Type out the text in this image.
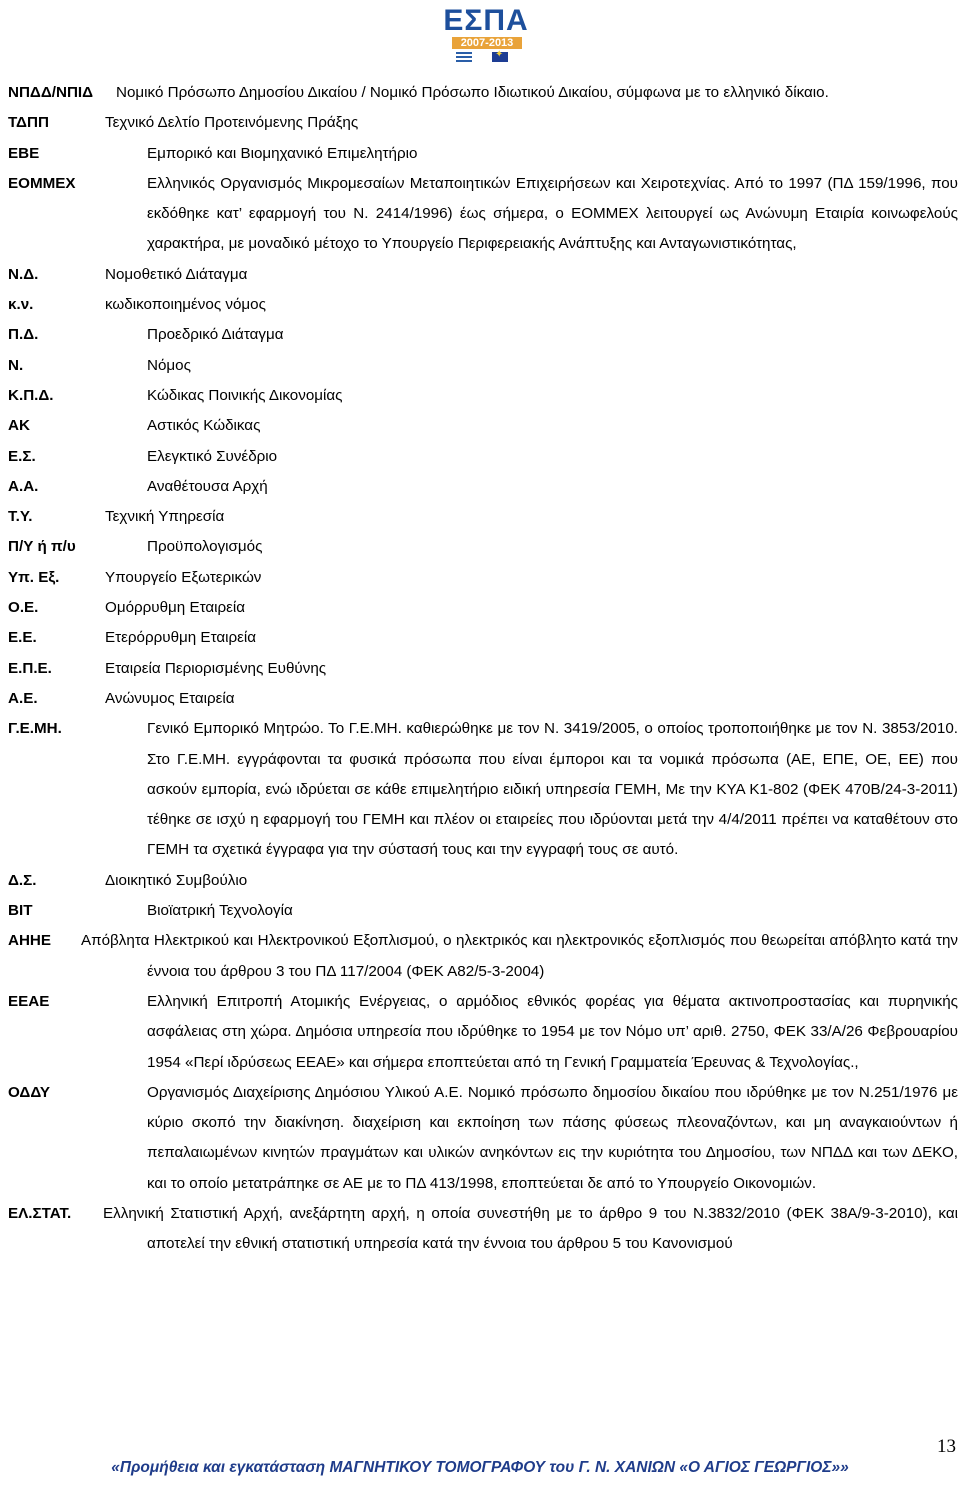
ΕΣΠΑ
2007-2013
✦
ΝΠΔΔ/ΝΠΙΔ	Νομικό Πρόσωπο Δημοσίου Δικαίου / Νομικό Πρόσωπο Ιδιωτικού Δικαίου, σύμφωνα με το ελληνικό δίκαιο.
ΤΔΠΠ	Τεχνικό Δελτίο Προτεινόμενης Πράξης
ΕΒΕ	Εμπορικό και Βιομηχανικό Επιμελητήριο
ΕΟΜΜΕΧ	Ελληνικός Οργανισμός Μικρομεσαίων Μεταποιητικών Επιχειρήσεων και Χειροτεχνίας. Από το 1997 (ΠΔ 159/1996, που εκδόθηκε κατ’ εφαρμογή του Ν. 2414/1996) έως σήμερα, ο ΕΟΜΜΕΧ λειτουργεί ως Ανώνυμη Εταιρία κοινωφελούς χαρακτήρα, με μοναδικό μέτοχο το Υπουργείο Περιφερειακής Ανάπτυξης και Ανταγωνιστικότητας,
Ν.Δ.	Νομοθετικό Διάταγμα
κ.ν.	κωδικοποιημένος νόμος
Π.Δ.	Προεδρικό Διάταγμα
Ν.	Νόμος
Κ.Π.Δ.	Κώδικας Ποινικής Δικονομίας
ΑΚ	Αστικός Κώδικας
Ε.Σ.	Ελεγκτικό Συνέδριο
Α.Α.	Αναθέτουσα Αρχή
Τ.Υ.	Τεχνική Υπηρεσία
Π/Υ ή π/υ	Προϋπολογισμός
Υπ. Εξ.	Υπουργείο Εξωτερικών
Ο.Ε.	Ομόρρυθμη Εταιρεία
Ε.Ε.	Ετερόρρυθμη Εταιρεία
Ε.Π.Ε.	Εταιρεία Περιορισμένης Ευθύνης
Α.Ε.	Ανώνυμος Εταιρεία
Γ.Ε.ΜΗ.	Γενικό Εμπορικό Μητρώο. Το Γ.Ε.ΜΗ. καθιερώθηκε με τον Ν. 3419/2005, ο οποίος τροποποιήθηκε με τον Ν. 3853/2010. Στο Γ.Ε.ΜΗ. εγγράφονται τα φυσικά πρόσωπα που είναι έμποροι και τα νομικά πρόσωπα (ΑΕ, ΕΠΕ, ΟΕ, ΕΕ) που ασκούν εμπορία, ενώ ιδρύεται σε κάθε επιμελητήριο ειδική υπηρεσία ΓΕΜΗ, Με την ΚΥΑ Κ1-802 (ΦΕΚ 470Β/24-3-2011) τέθηκε σε ισχύ η εφαρμογή του ΓΕΜΗ και πλέον οι εταιρείες που ιδρύονται μετά την 4/4/2011 πρέπει να καταθέτουν στο ΓΕΜΗ τα σχετικά έγγραφα για την σύστασή τους και την εγγραφή τους σε αυτό.
Δ.Σ.	Διοικητικό Συμβούλιο
ΒΙΤ	Βιοϊατρική Τεχνολογία
ΑΗΗΕ Απόβλητα Ηλεκτρικού και Ηλεκτρονικού Εξοπλισμού, ο ηλεκτρικός και ηλεκτρονικός εξοπλισμός που θεωρείται απόβλητο κατά την έννοια του άρθρου 3 του ΠΔ 117/2004 (ΦΕΚ Α82/5-3-2004)
ΕΕΑΕ	Ελληνική Επιτροπή Ατομικής Ενέργειας, ο αρμόδιος εθνικός φορέας για θέματα ακτινοπροστασίας και πυρηνικής ασφάλειας στη χώρα. Δημόσια υπηρεσία που ιδρύθηκε το 1954 με τον Νόμο υπ’ αριθ. 2750, ΦΕΚ 33/Α/26 Φεβρουαρίου 1954 «Περί ιδρύσεως ΕΕΑΕ» και σήμερα εποπτεύεται από τη Γενική Γραμματεία Έρευνας & Τεχνολογίας.,
ΟΔΔΥ	Οργανισμός Διαχείρισης Δημόσιου Υλικού Α.Ε. Νομικό πρόσωπο δημοσίου δικαίου που ιδρύθηκε με τον Ν.251/1976 με κύριο σκοπό την διακίνηση. διαχείριση και εκποίηση των πάσης φύσεως πλεοναζόντων, και μη αναγκαιούντων ή πεπαλαιωμένων κινητών πραγμάτων και υλικών ανηκόντων εις την κυριότητα του Δημοσίου, των ΝΠΔΔ και των ΔΕΚΟ, και το οποίο μετατράπηκε σε ΑΕ με το ΠΔ 413/1998, εποπτεύεται δε από το Υπουργείο Οικονομιών.
ΕΛ.ΣΤΑΤ. Ελληνική Στατιστική Αρχή, ανεξάρτητη αρχή, η οποία συνεστήθη με το άρθρο 9 του Ν.3832/2010 (ΦΕΚ 38Α/9-3-2010), και αποτελεί την εθνική στατιστική υπηρεσία κατά την έννοια του άρθρου 5 του Κανονισμού
13
«Προμήθεια και εγκατάσταση ΜΑΓΝΗΤΙΚΟΥ ΤΟΜΟΓΡΑΦΟΥ του Γ. Ν. ΧΑΝΙΩΝ «Ο ΑΓΙΟΣ ΓΕΩΡΓΙΟΣ»»
